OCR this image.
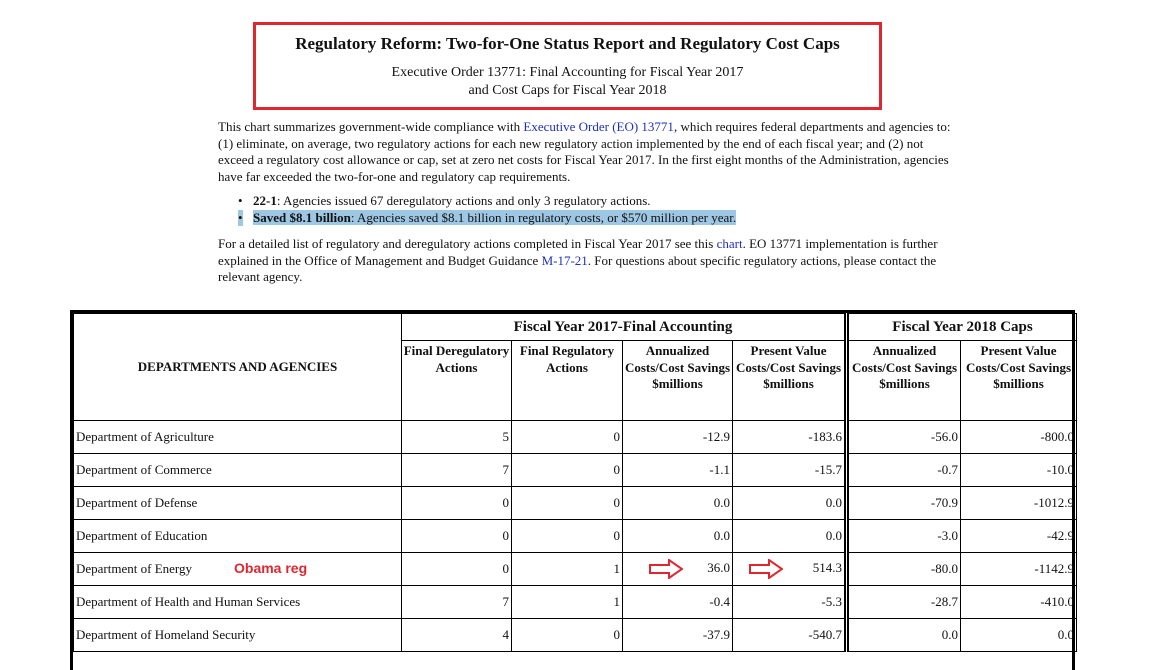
Regulatory Reform: Two-for-One Status Report and Regulatory Cost Caps
Executive Order 13771: Final Accounting for Fiscal Year 2017
and Cost Caps for Fiscal Year 2018
This chart summarizes government-wide compliance with Executive Order (EO) 13771, which requires federal departments and agencies to: (1) eliminate, on average, two regulatory actions for each new regulatory action implemented by the end of each fiscal year; and (2) not exceed a regulatory cost allowance or cap, set at zero net costs for Fiscal Year 2017. In the first eight months of the Administration, agencies have far exceeded the two-for-one and regulatory cap requirements.
• 22-1: Agencies issued 67 deregulatory actions and only 3 regulatory actions.
• Saved $8.1 billion: Agencies saved $8.1 billion in regulatory costs, or $570 million per year.
For a detailed list of regulatory and deregulatory actions completed in Fiscal Year 2017 see this chart. EO 13771 implementation is further explained in the Office of Management and Budget Guidance M-17-21. For questions about specific regulatory actions, please contact the relevant agency.
DEPARTMENTS AND AGENCIES	Fiscal Year 2017-Final Accounting				Fiscal Year 2018 Caps	
	Final Deregulatory Actions	Final Regulatory Actions	Annualized Costs/Cost Savings $millions	Present Value Costs/Cost Savings $millions	Annualized Costs/Cost Savings $millions	Present Value Costs/Cost Savings $millions
Department of Agriculture	5	0	-12.9	-183.6	-56.0	-800.0
Department of Commerce	7	0	-1.1	-15.7	-0.7	-10.0
Department of Defense	0	0	0.0	0.0	-70.9	-1012.9
Department of Education	0	0	0.0	0.0	-3.0	-42.9
Department of Energy Obama reg	0	1	36.0	514.3	-80.0	-1142.9
Department of Health and Human Services	7	1	-0.4	-5.3	-28.7	-410.0
Department of Homeland Security	4	0	-37.9	-540.7	0.0	0.0
